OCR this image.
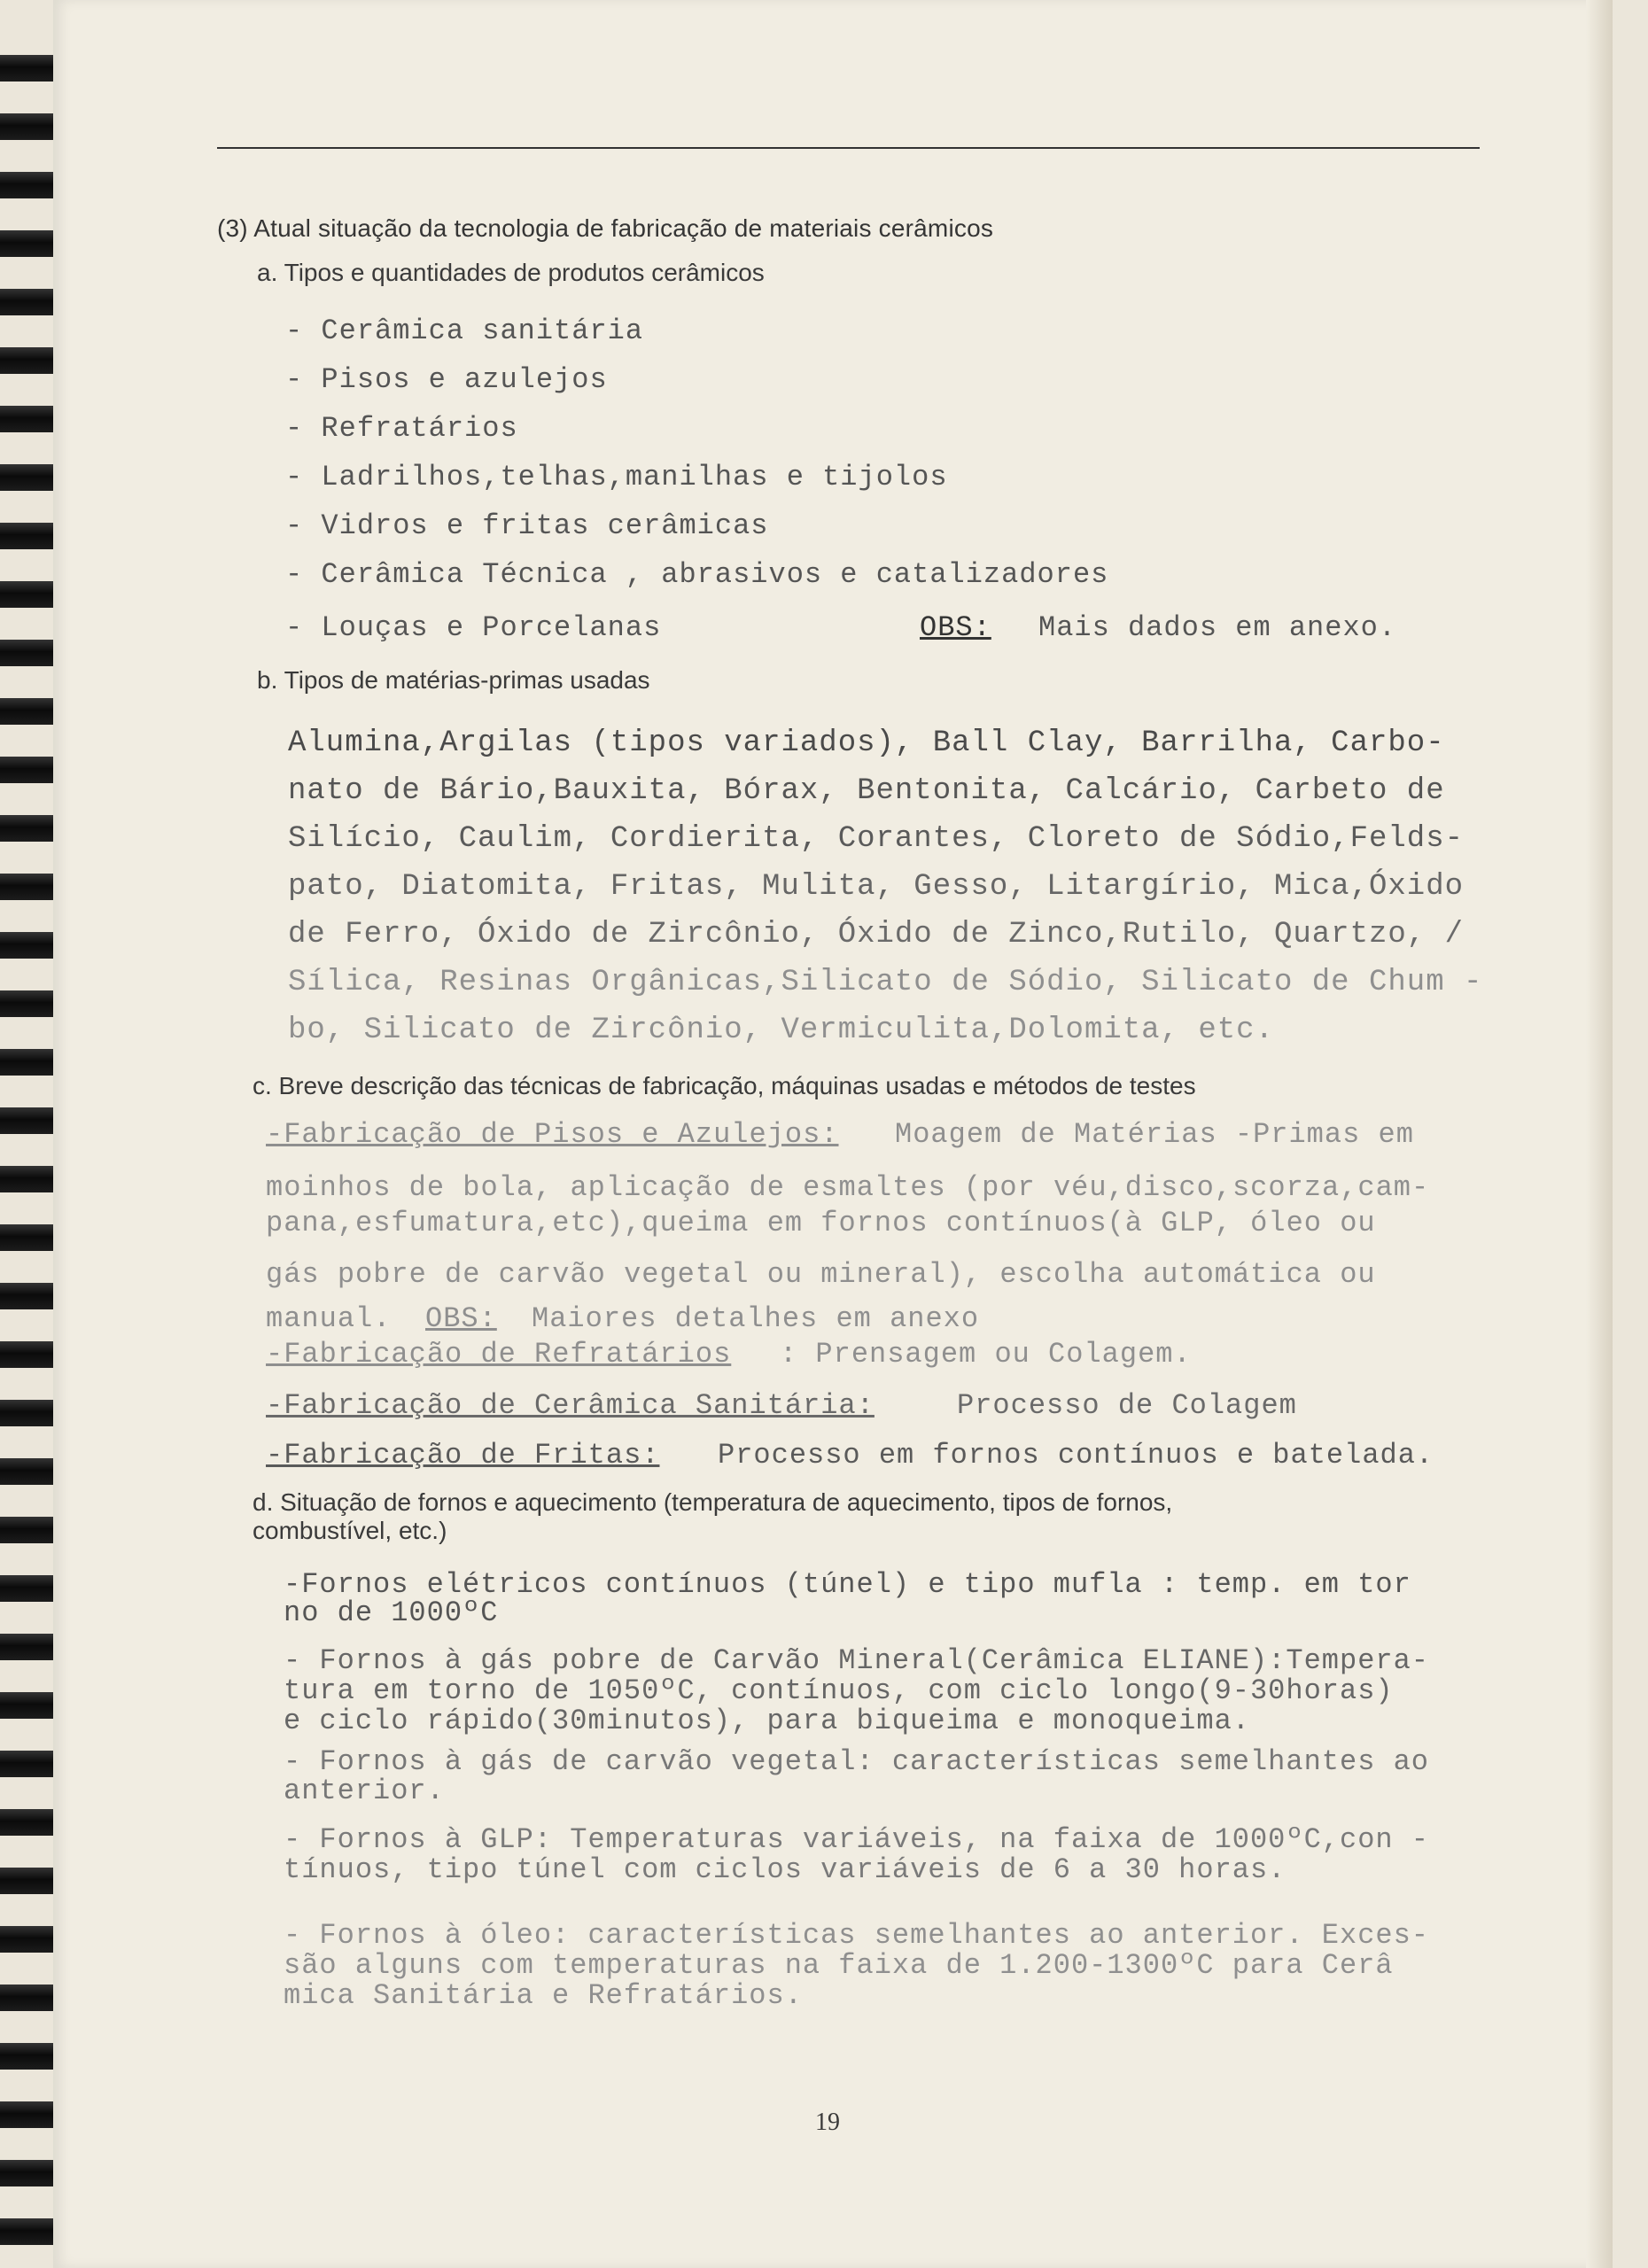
(3) Atual situação da tecnologia de fabricação de materiais cerâmicos
a. Tipos e quantidades de produtos cerâmicos
- Cerâmica sanitária
- Pisos e azulejos
- Refratários
- Ladrilhos,telhas,manilhas e tijolos
- Vidros e fritas cerâmicas
- Cerâmica Técnica , abrasivos e catalizadores
- Louças e Porcelanas	OBS: Mais dados em anexo.
b. Tipos de matérias-primas usadas
Alumina,Argilas (tipos variados), Ball Clay, Barrilha, Carbo-
nato de Bário,Bauxita, Bórax, Bentonita, Calcário, Carbeto de
Silício, Caulim, Cordierita, Corantes, Cloreto de Sódio,Felds-
pato, Diatomita, Fritas, Mulita, Gesso, Litargírio, Mica,Óxido
de Ferro, Óxido de Zircônio, Óxido de Zinco,Rutilo, Quartzo, /
Sílica, Resinas Orgânicas,Silicato de Sódio, Silicato de Chum -
bo, Silicato de Zircônio, Vermiculita,Dolomita, etc.
c. Breve descrição das técnicas de fabricação, máquinas usadas e métodos de testes
-Fabricação de Pisos e Azulejos: Moagem de Matérias -Primas em
moinhos de bola, aplicação de esmaltes (por véu,disco,scorza,cam-
pana,esfumatura,etc),queima em fornos contínuos(à GLP, óleo ou
gás pobre de carvão vegetal ou mineral), escolha automática ou
manual. OBS: Maiores detalhes em anexo
-Fabricação de Refratários : Prensagem ou Colagem.
-Fabricação de Cerâmica Sanitária:	Processo de Colagem
-Fabricação de Fritas: Processo em fornos contínuos e batelada.
d. Situação de fornos e aquecimento (temperatura de aquecimento, tipos de fornos,
combustível, etc.)
-Fornos elétricos contínuos (túnel) e tipo mufla : temp. em tor
no de 1000ºC
- Fornos à gás pobre de Carvão Mineral(Cerâmica ELIANE):Tempera-
tura em torno de 1050ºC, contínuos, com ciclo longo(9-30horas)
e ciclo rápido(30minutos), para biqueima e monoqueima.
- Fornos à gás de carvão vegetal: características semelhantes ao
anterior.
- Fornos à GLP: Temperaturas variáveis, na faixa de 1000ºC,con -
tínuos, tipo túnel com ciclos variáveis de 6 a 30 horas.
- Fornos à óleo: características semelhantes ao anterior. Exces-
são alguns com temperaturas na faixa de 1.200-1300ºC para Cerâ
mica Sanitária e Refratários.
19
